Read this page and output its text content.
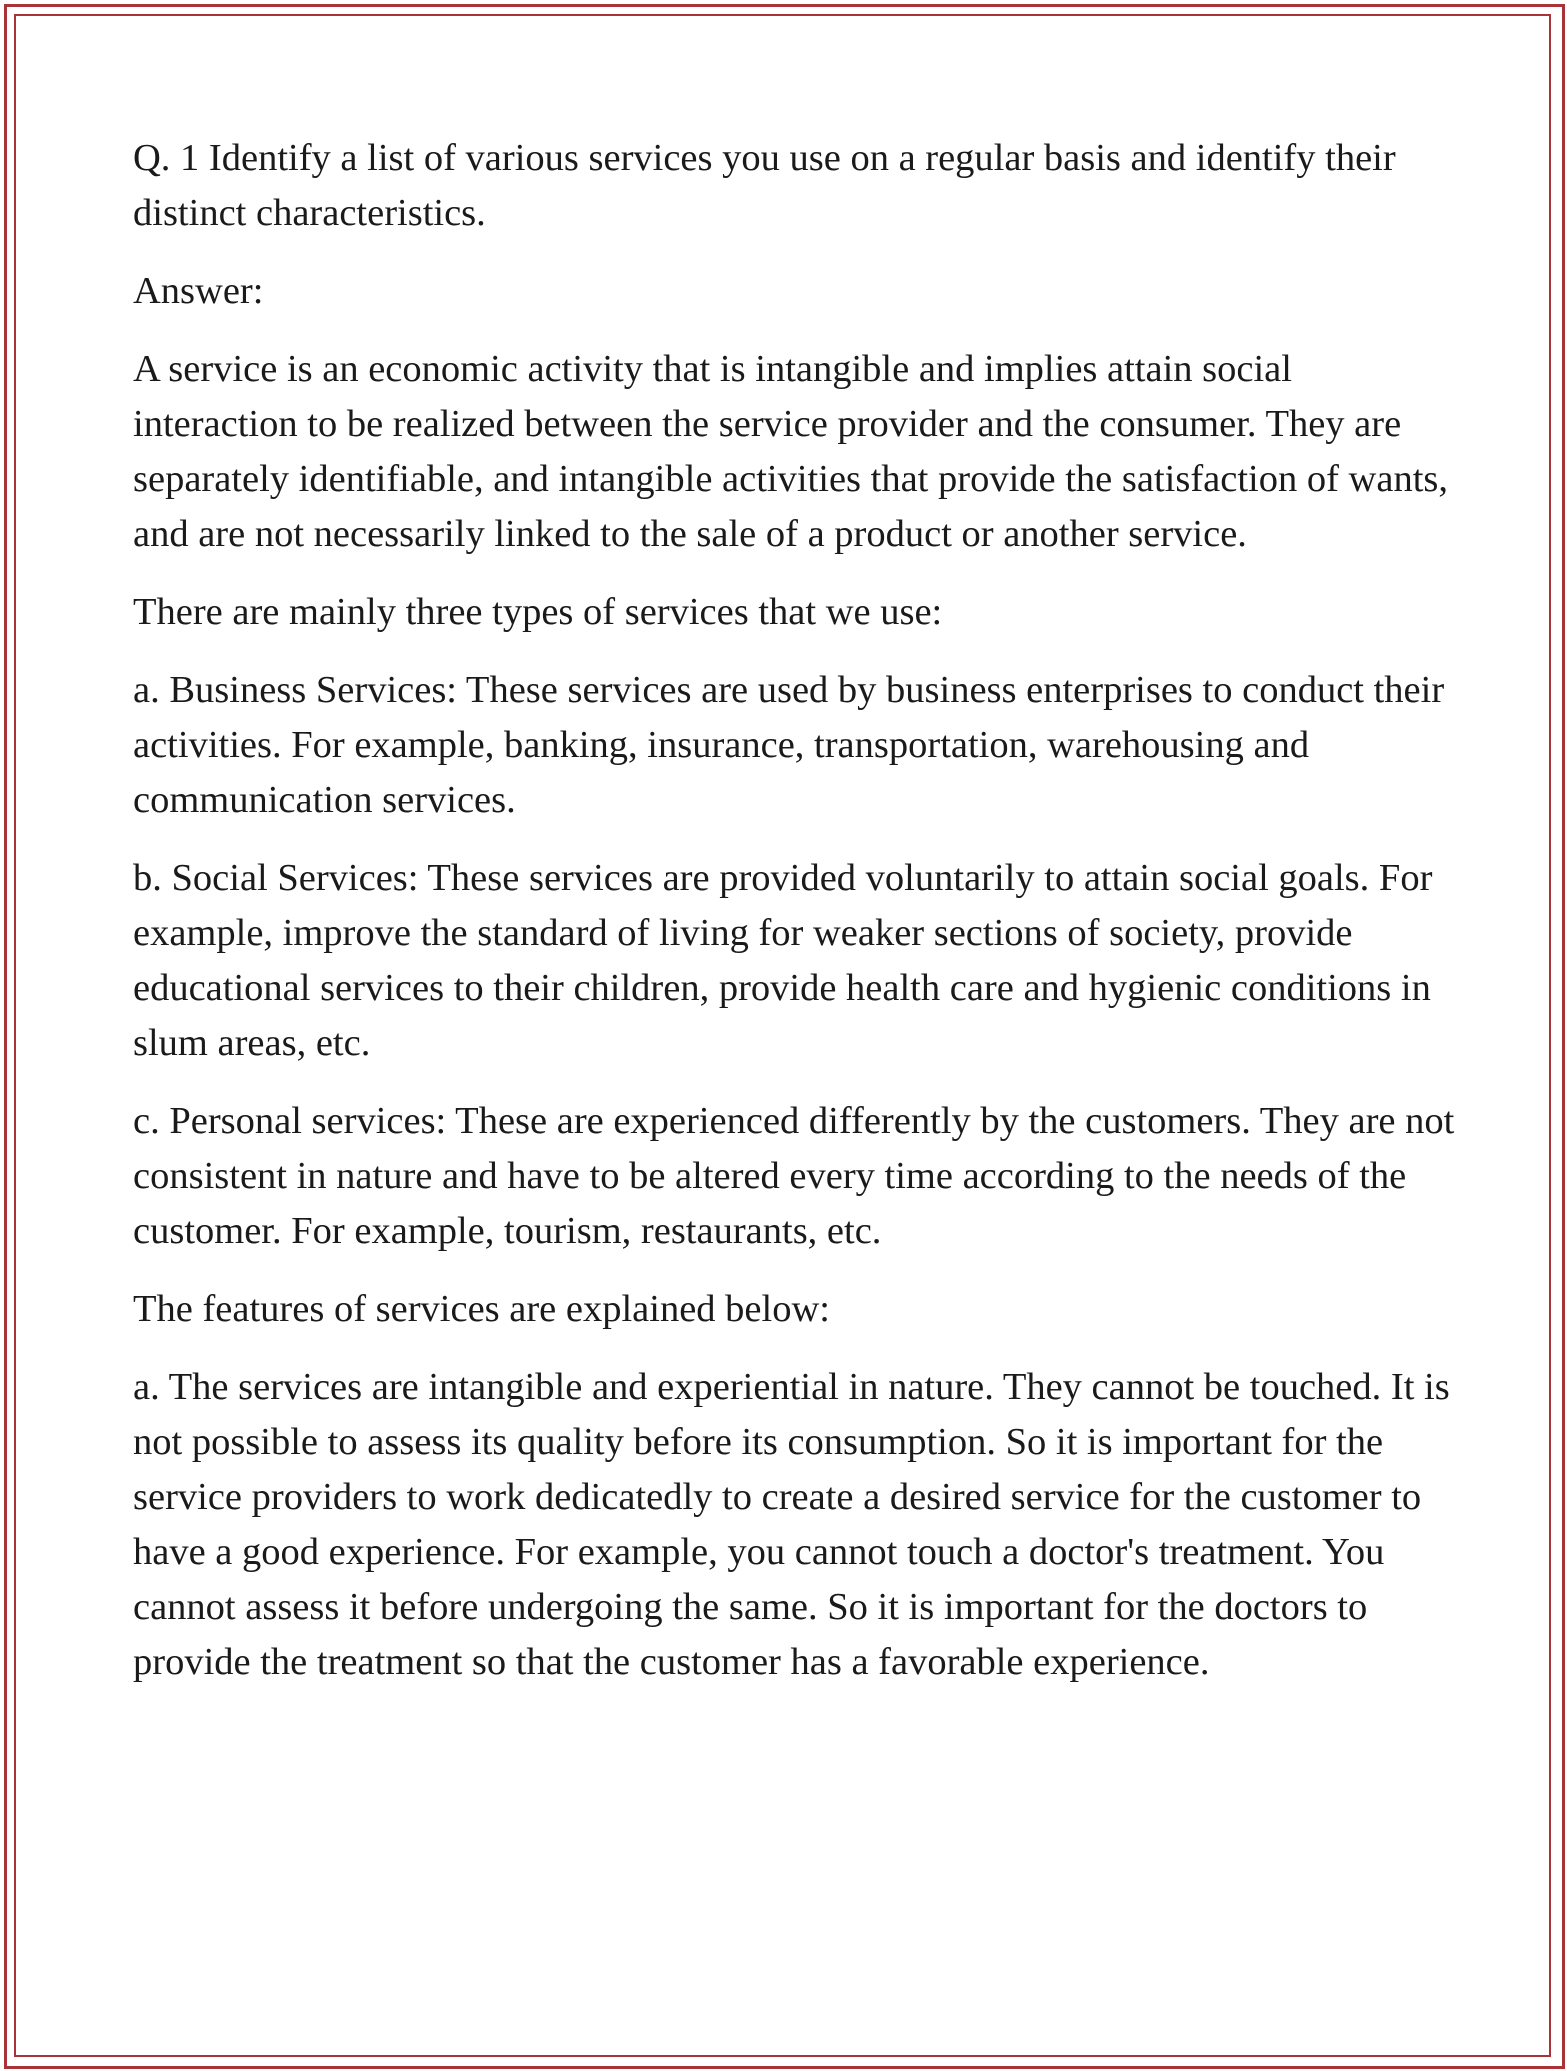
Q. 1 Identify a list of various services you use on a regular basis and identify their distinct characteristics.

Answer:

A service is an economic activity that is intangible and implies attain social interaction to be realized between the service provider and the consumer. They are separately identifiable, and intangible activities that provide the satisfaction of wants, and are not necessarily linked to the sale of a product or another service.

There are mainly three types of services that we use:

a. Business Services: These services are used by business enterprises to conduct their activities. For example, banking, insurance, transportation, warehousing and communication services.

b. Social Services: These services are provided voluntarily to attain social goals. For example, improve the standard of living for weaker sections of society, provide educational services to their children, provide health care and hygienic conditions in slum areas, etc.

c. Personal services: These are experienced differently by the customers. They are not consistent in nature and have to be altered every time according to the needs of the customer. For example, tourism, restaurants, etc.

The features of services are explained below:

a. The services are intangible and experiential in nature. They cannot be touched. It is not possible to assess its quality before its consumption. So it is important for the service providers to work dedicatedly to create a desired service for the customer to have a good experience. For example, you cannot touch a doctor's treatment. You cannot assess it before undergoing the same. So it is important for the doctors to provide the treatment so that the customer has a favorable experience.
